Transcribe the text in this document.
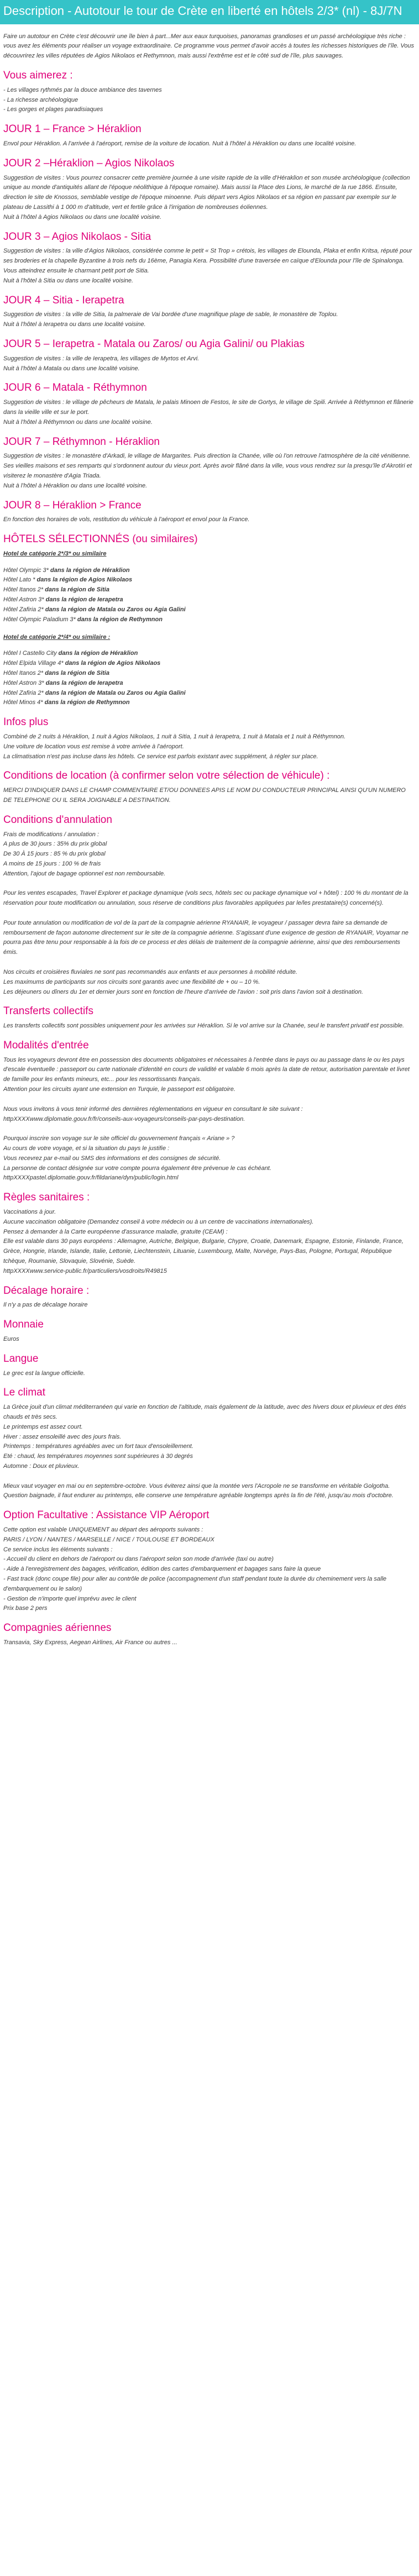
Description - Autotour le tour de Crète en liberté en hôtels 2/3* (nl) - 8J/7N

Faire un autotour en Crète c'est découvrir une île bien à part...Mer aux eaux turquoises, panoramas grandioses et un passé archéologique très riche : vous avez les éléments pour réaliser un voyage extraordinaire. Ce programme vous permet d'avoir accès à toutes les richesses historiques de l'île. Vous découvrirez les villes réputées de Agios Nikolaos et Rethymnon, mais aussi l'extrême est et le côté sud de l'île, plus sauvages.

Vous aimerez :

- Les villages rythmés par la douce ambiance des tavernes
- La richesse archéologique
- Les gorges et plages paradisiaques

JOUR 1 – France > Héraklion

Envol pour Héraklion. A l'arrivée à l'aéroport, remise de la voiture de location. Nuit à l'hôtel à Héraklion ou dans une localité voisine.

JOUR 2 –Héraklion – Agios Nikolaos

Suggestion de visites : Vous pourrez consacrer cette première journée à une visite rapide de la ville d'Héraklion et son musée archéologique (collection unique au monde d'antiquités allant de l'époque néolithique à l'époque romaine). Mais aussi la Place des Lions, le marché de la rue 1866. Ensuite, direction le site de Knossos, semblable vestige de l'époque minoenne. Puis départ vers Agios Nikolaos et sa région en passant par exemple sur le plateau de Lassithi à 1 000 m d'altitude, vert et fertile grâce à l'irrigation de nombreuses éoliennes.
Nuit à l'hôtel à Agios Nikolaos ou dans une localité voisine.

JOUR 3 – Agios Nikolaos - Sitia

Suggestion de visites : la ville d'Agios Nikolaos, considérée comme le petit « St Trop » crétois, les villages de Elounda, Plaka et enfin Kritsa, réputé pour ses broderies et la chapelle Byzantine à trois nefs du 16ème, Panagia Kera. Possibilité d'une traversée en caïque d'Elounda pour l'île de Spinalonga. Vous atteindrez ensuite le charmant petit port de Sitia.
Nuit à l'hôtel à Sitia ou dans une localité voisine.

JOUR 4 – Sitia - Ierapetra

Suggestion de visites : la ville de Sitia, la palmeraie de Vai bordée d'une magnifique plage de sable, le monastère de Toplou.
Nuit à l'hôtel à Ierapetra ou dans une localité voisine.

JOUR 5 – Ierapetra - Matala ou Zaros/ ou Agia Galini/ ou Plakias

Suggestion de visites : la ville de Ierapetra, les villages de Myrtos et Arvi.
Nuit à l'hôtel à Matala ou dans une localité voisine.

JOUR 6 – Matala - Réthymnon

Suggestion de visites : le village de pêcheurs de Matala, le palais Minoen de Festos, le site de Gortys, le village de Spili. Arrivée à Réthymnon et flânerie dans la vieille ville et sur le port.
Nuit à l'hôtel à Réthymnon ou dans une localité voisine.

JOUR 7 – Réthymnon - Héraklion

Suggestion de visites : le monastère d'Arkadi, le village de Margarites. Puis direction la Chanée, ville où l'on retrouve l'atmosphère de la cité vénitienne. Ses vieilles maisons et ses remparts qui s'ordonnent autour du vieux port. Après avoir flâné dans la ville, vous vous rendrez sur la presqu'île d'Akrotiri et visiterez le monastère d'Agia Triada.
Nuit à l'hôtel à Héraklion ou dans une localité voisine.

JOUR 8 – Héraklion > France

En fonction des horaires de vols, restitution du véhicule à l'aéroport et envol pour la France.

HÔTELS SÉLECTIONNÉS (ou similaires)
Hotel de catégorie 2*/3* ou similaire
Hôtel Olympic 3* dans la région de Héraklion
Hôtel Lato * dans la région de Agios Nikolaos
Hôtel Itanos 2* dans la région de Sitia
Hôtel Astron 3* dans la région de Ierapetra
Hôtel Zafiria 2* dans la région de Matala ou Zaros ou Agia Galini
Hôtel Olympic Paladium 3* dans la région de Rethymnon
Hotel de catégorie 2*/4* ou similaire :
Hôtel I Castello City dans la région de Héraklion
Hôtel Elpida Village 4* dans la région de Agios Nikolaos
Hôtel Itanos 2* dans la région de Sitia
Hôtel Astron 3* dans la région de Ierapetra
Hôtel Zafiria 2* dans la région de Matala ou Zaros ou Agia Galini
Hôtel Minos 4* dans la région de Rethymnon
Infos plus

Combiné de 2 nuits à Héraklion, 1 nuit à Agios Nikolaos, 1 nuit à Sitia, 1 nuit à Ierapetra, 1 nuit à Matala et 1 nuit à Réthymnon.
Une voiture de location vous est remise à votre arrivée à l'aéroport.
La climatisation n'est pas incluse dans les hôtels. Ce service est parfois existant avec supplément, à régler sur place.

Conditions de location (à confirmer selon votre sélection de véhicule) :

MERCI D'INDIQUER DANS LE CHAMP COMMENTAIRE ET/OU DONNEES APIS LE NOM DU CONDUCTEUR PRINCIPAL AINSI QU'UN NUMERO DE TELEPHONE OU IL SERA JOIGNABLE A DESTINATION.

Conditions d'annulation

Frais de modifications / annulation :
A plus de 30 jours : 35% du prix global
De 30 À 15 jours : 85 % du prix global
A moins de 15 jours : 100 % de frais
Attention, l'ajout de bagage optionnel est non remboursable.

Pour les ventes escapades, Travel Explorer et package dynamique (vols secs, hôtels sec ou package dynamique vol + hôtel) : 100 % du montant de la réservation pour toute modification ou annulation, sous réserve de conditions plus favorables appliquées par le/les prestataire(s) concerné(s).

Pour toute annulation ou modification de vol de la part de la compagnie aérienne RYANAIR, le voyageur / passager devra faire sa demande de remboursement de façon autonome directement sur le site de la compagnie aérienne. S'agissant d'une exigence de gestion de RYANAIR, Voyamar ne pourra pas être tenu pour responsable à la fois de ce process et des délais de traitement de la compagnie aérienne, ainsi que des remboursements émis.

Nos circuits et croisières fluviales ne sont pas recommandés aux enfants et aux personnes à mobilité réduite.
Les maximums de participants sur nos circuits sont garantis avec une flexibilité de + ou – 10 %.
Les déjeuners ou dîners du 1er et dernier jours sont en fonction de l'heure d'arrivée de l'avion : soit pris dans l'avion soit à destination.

Transferts collectifs

Les transferts collectifs sont possibles uniquement pour les arrivées sur Héraklion. Si le vol arrive sur la Chanée, seul le transfert privatif est possible.

Modalités d'entrée

Tous les voyageurs devront être en possession des documents obligatoires et nécessaires à l'entrée dans le pays ou au passage dans le ou les pays d'escale éventuelle : passeport ou carte nationale d'identité en cours de validité et valable 6 mois après la date de retour, autorisation parentale et livret de famille pour les enfants mineurs, etc... pour les ressortissants français.
Attention pour les circuits ayant une extension en Turquie, le passeport est obligatoire.

Nous vous invitons à vous tenir informé des dernières réglementations en vigueur en consultant le site suivant : httpXXXXwww.diplomatie.gouv.fr/fr/conseils-aux-voyageurs/conseils-par-pays-destination.

Pourquoi inscrire son voyage sur le site officiel du gouvernement français « Ariane » ?
Au cours de votre voyage, et si la situation du pays le justifie :
Vous recevrez par e-mail ou SMS des informations et des consignes de sécurité.
La personne de contact désignée sur votre compte pourra également être prévenue le cas échéant.
httpXXXXpastel.diplomatie.gouv.fr/fildariane/dyn/public/login.html

Règles sanitaires :

Vaccinations à jour.
Aucune vaccination obligatoire (Demandez conseil à votre médecin ou à un centre de vaccinations internationales).
Pensez à demander à la Carte européenne d'assurance maladie, gratuite (CEAM) :
Elle est valable dans 30 pays européens : Allemagne, Autriche, Belgique, Bulgarie, Chypre, Croatie, Danemark, Espagne, Estonie, Finlande, France, Grèce, Hongrie, Irlande, Islande, Italie, Lettonie, Liechtenstein, Lituanie, Luxembourg, Malte, Norvège, Pays-Bas, Pologne, Portugal, République tchèque, Roumanie, Slovaquie, Slovénie, Suède.
httpXXXXwww.service-public.fr/particuliers/vosdroits/R49815

Décalage horaire :

Il n'y a pas de décalage horaire

Monnaie

Euros

Langue

Le grec est la langue officielle.

Le climat

La Grèce jouit d'un climat méditerranéen qui varie en fonction de l'altitude, mais également de la latitude, avec des hivers doux et pluvieux et des étés chauds et très secs.
Le printemps est assez court.
Hiver : assez ensoleillé avec des jours frais.
Printemps : températures agréables avec un fort taux d'ensoleillement.
Eté : chaud, les températures moyennes sont supérieures à 30 degrés
Automne : Doux et pluvieux.

Mieux vaut voyager en mai ou en septembre-octobre. Vous éviterez ainsi que la montée vers l'Acropole ne se transforme en véritable Golgotha.
Question baignade, il faut endurer au printemps, elle conserve une température agréable longtemps après la fin de l'été, jusqu'au mois d'octobre.

Option Facultative : Assistance VIP Aéroport

Cette option est valable UNIQUEMENT au départ des aéroports suivants :
PARIS / LYON / NANTES / MARSEILLE / NICE / TOULOUSE ET BORDEAUX
Ce service inclus les éléments suivants :
- Accueil du client en dehors de l'aéroport ou dans l'aéroport selon son mode d'arrivée (taxi ou autre)
- Aide à l'enregistrement des bagages, vérification, édition des cartes d'embarquement et bagages sans faire la queue
- Fast track (donc coupe file) pour aller au contrôle de police (accompagnement d'un staff pendant toute la durée du cheminement vers la salle d'embarquement ou le salon)
- Gestion de n'importe quel imprévu avec le client
Prix base 2 pers

Compagnies aériennes

Transavia, Sky Express, Aegean Airlines, Air France ou autres ...
